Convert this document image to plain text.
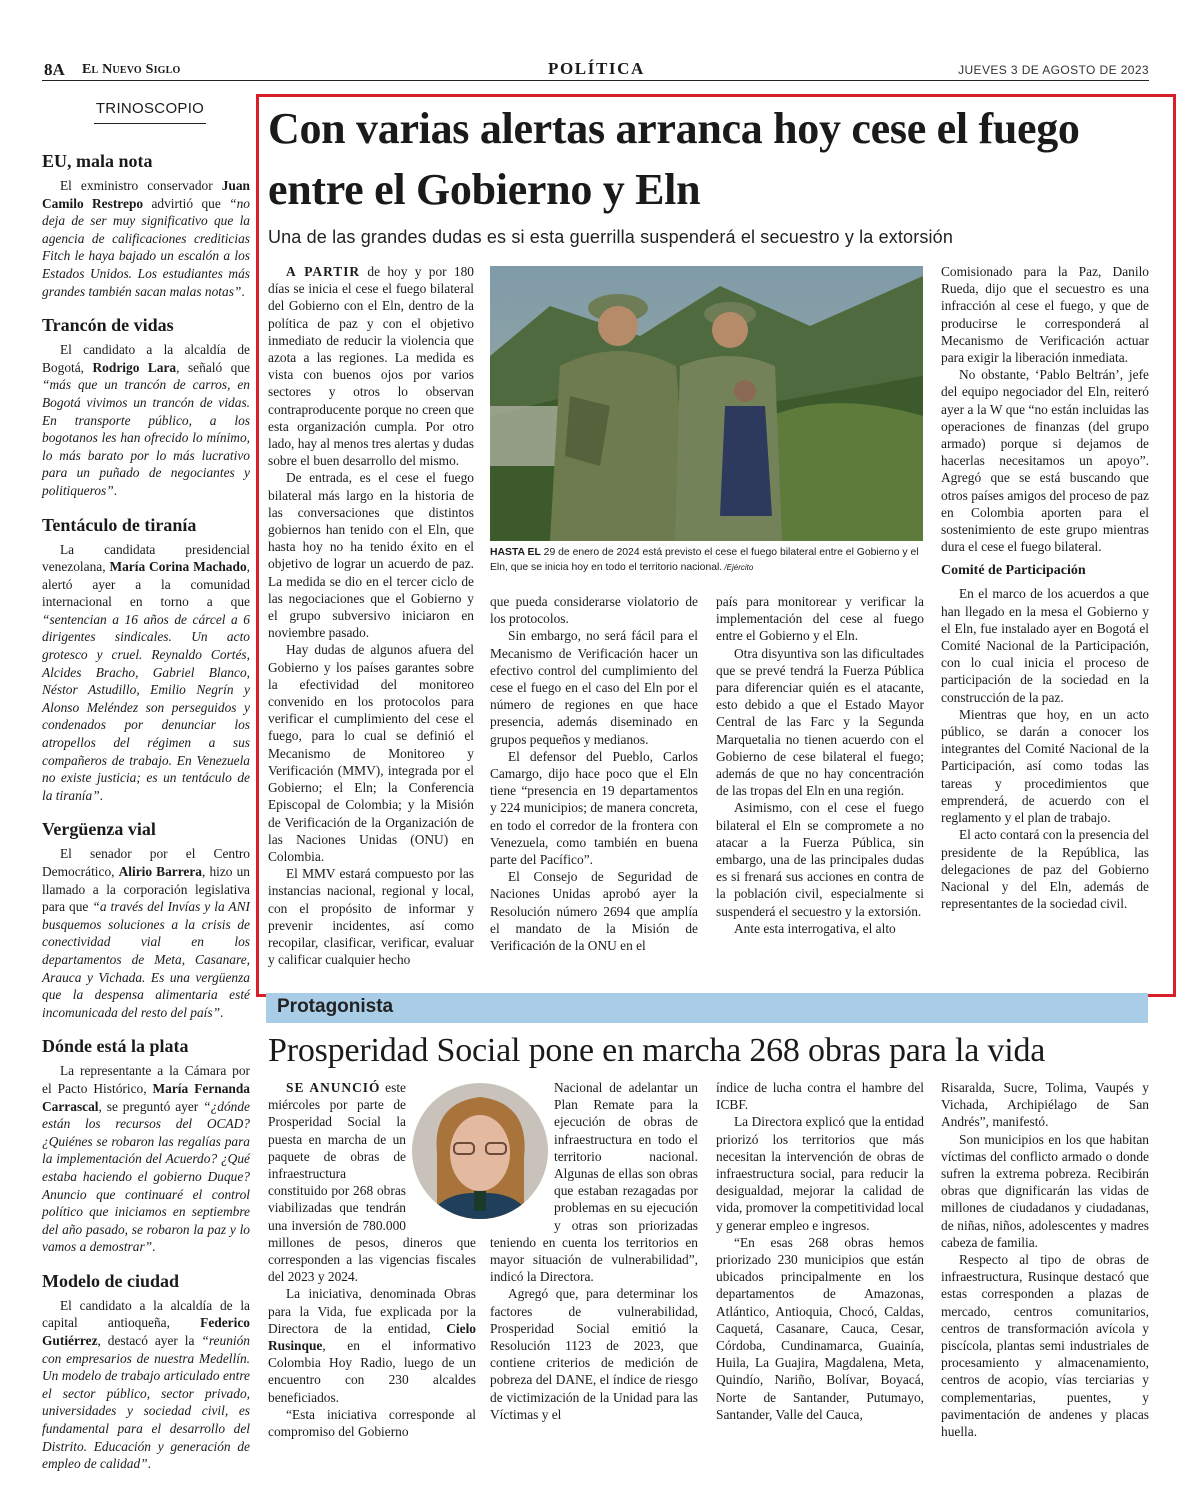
8A El Nuevo Siglo	POLÍTICA	JUEVES 3 DE AGOSTO DE 2023
TRINOSCOPIO
EU, mala nota
El exministro conservador Juan Camilo Restrepo advirtió que “no deja de ser muy significativo que la agencia de calificaciones crediticias Fitch le haya bajado un escalón a los Estados Unidos. Los estudiantes más grandes también sacan malas notas”.
Trancón de vidas
El candidato a la alcaldía de Bogotá, Rodrigo Lara, señaló que “más que un trancón de carros, en Bogotá vivimos un trancón de vidas. En transporte público, a los bogotanos les han ofrecido lo mínimo, lo más barato por lo más lucrativo para un puñado de negociantes y politiqueros”.
Tentáculo de tiranía
La candidata presidencial venezolana, María Corina Machado, alertó ayer a la comunidad internacional en torno a que “sentencian a 16 años de cárcel a 6 dirigentes sindicales. Un acto grotesco y cruel. Reynaldo Cortés, Alcides Bracho, Gabriel Blanco, Néstor Astudillo, Emilio Negrín y Alonso Meléndez son perseguidos y condenados por denunciar los atropellos del régimen a sus compañeros de trabajo. En Venezuela no existe justicia; es un tentáculo de la tiranía”.
Vergüenza vial
El senador por el Centro Democrático, Alirio Barrera, hizo un llamado a la corporación legislativa para que “a través del Invías y la ANI busquemos soluciones a la crisis de conectividad vial en los departamentos de Meta, Casanare, Arauca y Vichada. Es una vergüenza que la despensa alimentaria esté incomunicada del resto del país”.
Dónde está la plata
La representante a la Cámara por el Pacto Histórico, María Fernanda Carrascal, se preguntó ayer “¿dónde están los recursos del OCAD? ¿Quiénes se robaron las regalías para la implementación del Acuerdo? ¿Qué estaba haciendo el gobierno Duque? Anuncio que continuaré el control político que iniciamos en septiembre del año pasado, se robaron la paz y lo vamos a demostrar”.
Modelo de ciudad
El candidato a la alcaldía de la capital antioqueña, Federico Gutiérrez, destacó ayer la “reunión con empresarios de nuestra Medellín. Un modelo de trabajo articulado entre el sector público, sector privado, universidades y sociedad civil, es fundamental para el desarrollo del Distrito. Educación y generación de empleo de calidad”.
Con varias alertas arranca hoy cese el fuego entre el Gobierno y Eln
Una de las grandes dudas es si esta guerrilla suspenderá el secuestro y la extorsión

A PARTIR de hoy y por 180 días se inicia el cese el fuego bilateral del Gobierno con el Eln, dentro de la política de paz y con el objetivo inmediato de reducir la violencia que azota a las regiones. La medida es vista con buenos ojos por varios sectores y otros lo observan contraproducente porque no creen que esta organización cumpla. Por otro lado, hay al menos tres alertas y dudas sobre el buen desarrollo del mismo.

De entrada, es el cese el fuego bilateral más largo en la historia de las conversaciones que distintos gobiernos han tenido con el Eln, que hasta hoy no ha tenido éxito en el objetivo de lograr un acuerdo de paz. La medida se dio en el tercer ciclo de las negociaciones que el Gobierno y el grupo subversivo iniciaron en noviembre pasado.

Hay dudas de algunos afuera del Gobierno y los países garantes sobre la efectividad del monitoreo convenido en los protocolos para verificar el cumplimiento del cese el fuego, para lo cual se definió el Mecanismo de Monitoreo y Verificación (MMV), integrada por el Gobierno; el Eln; la Conferencia Episcopal de Colombia; y la Misión de Verificación de la Organización de las Naciones Unidas (ONU) en Colombia.

El MMV estará compuesto por las instancias nacional, regional y local, con el propósito de informar y prevenir incidentes, así como recopilar, clasificar, verificar, evaluar y calificar cualquier hecho

HASTA EL 29 de enero de 2024 está previsto el cese el fuego bilateral entre el Gobierno y el Eln, que se inicia hoy en todo el territorio nacional. /Ejército

que pueda considerarse violatorio de los protocolos.

Sin embargo, no será fácil para el Mecanismo de Verificación hacer un efectivo control del cumplimiento del cese el fuego en el caso del Eln por el número de regiones en que hace presencia, además diseminado en grupos pequeños y medianos.

El defensor del Pueblo, Carlos Camargo, dijo hace poco que el Eln tiene “presencia en 19 departamentos y 224 municipios; de manera concreta, en todo el corredor de la frontera con Venezuela, como también en buena parte del Pacífico”.

El Consejo de Seguridad de Naciones Unidas aprobó ayer la Resolución número 2694 que amplía el mandato de la Misión de Verificación de la ONU en el

país para monitorear y verificar la implementación del cese al fuego entre el Gobierno y el Eln.

Otra disyuntiva son las dificultades que se prevé tendrá la Fuerza Pública para diferenciar quién es el atacante, esto debido a que el Estado Mayor Central de las Farc y la Segunda Marquetalia no tienen acuerdo con el Gobierno de cese bilateral el fuego; además de que no hay concentración de las tropas del Eln en una región.

Asimismo, con el cese el fuego bilateral el Eln se compromete a no atacar a la Fuerza Pública, sin embargo, una de las principales dudas es si frenará sus acciones en contra de la población civil, especialmente si suspenderá el secuestro y la extorsión.

Ante esta interrogativa, el alto

Comisionado para la Paz, Danilo Rueda, dijo que el secuestro es una infracción al cese el fuego, y que de producirse le corresponderá al Mecanismo de Verificación actuar para exigir la liberación inmediata.

No obstante, ‘Pablo Beltrán’, jefe del equipo negociador del Eln, reiteró ayer a la W que “no están incluidas las operaciones de finanzas (del grupo armado) porque si dejamos de hacerlas necesitamos un apoyo”. Agregó que se está buscando que otros países amigos del proceso de paz en Colombia aporten para el sostenimiento de este grupo mientras dura el cese el fuego bilateral.

Comité de Participación

En el marco de los acuerdos a que han llegado en la mesa el Gobierno y el Eln, fue instalado ayer en Bogotá el Comité Nacional de la Participación, con lo cual inicia el proceso de participación de la sociedad en la construcción de la paz.

Mientras que hoy, en un acto público, se darán a conocer los integrantes del Comité Nacional de la Participación, así como todas las tareas y procedimientos que emprenderá, de acuerdo con el reglamento y el plan de trabajo.

El acto contará con la presencia del presidente de la República, las delegaciones de paz del Gobierno Nacional y del Eln, además de representantes de la sociedad civil.

Protagonista
Prosperidad Social pone en marcha 268 obras para la vida

SE ANUNCIÓ este miércoles por parte de Prosperidad Social la puesta en marcha de un paquete de obras de infraestructura constituido por 268 obras viabilizadas que tendrán una inversión de 780.000 millones de pesos, dineros que corresponden a las vigencias fiscales del 2023 y 2024.

La iniciativa, denominada Obras para la Vida, fue explicada por la Directora de la entidad, Cielo Rusinque, en el informativo Colombia Hoy Radio, luego de un encuentro con 230 alcaldes beneficiados.

“Esta iniciativa corresponde al compromiso del Gobierno

Nacional de adelantar un Plan Remate para la ejecución de obras de infraestructura en todo el territorio nacional. Algunas de ellas son obras que estaban rezagadas por problemas en su ejecución y otras son priorizadas teniendo en cuenta los territorios en mayor situación de vulnerabilidad”, indicó la Directora.

Agregó que, para determinar los factores de vulnerabilidad, Prosperidad Social emitió la Resolución 1123 de 2023, que contiene criterios de medición de pobreza del DANE, el índice de riesgo de victimización de la Unidad para las Víctimas y el

índice de lucha contra el hambre del ICBF.

La Directora explicó que la entidad priorizó los territorios que más necesitan la intervención de obras de infraestructura social, para reducir la desigualdad, mejorar la calidad de vida, promover la competitividad local y generar empleo e ingresos.

“En esas 268 obras hemos priorizado 230 municipios que están ubicados principalmente en los departamentos de Amazonas, Atlántico, Antioquia, Chocó, Caldas, Caquetá, Casanare, Cauca, Cesar, Córdoba, Cundinamarca, Guainía, Huila, La Guajira, Magdalena, Meta, Quindío, Nariño, Bolívar, Boyacá, Norte de Santander, Putumayo, Santander, Valle del Cauca,

Risaralda, Sucre, Tolima, Vaupés y Vichada, Archipiélago de San Andrés”, manifestó.

Son municipios en los que habitan víctimas del conflicto armado o donde sufren la extrema pobreza. Recibirán obras que dignificarán las vidas de millones de ciudadanos y ciudadanas, de niñas, niños, adolescentes y madres cabeza de familia.

Respecto al tipo de obras de infraestructura, Rusinque destacó que estas corresponden a plazas de mercado, centros comunitarios, centros de transformación avícola y piscícola, plantas semi industriales de procesamiento y almacenamiento, centros de acopio, vías terciarias y complementarias, puentes, y pavimentación de andenes y placas huella.
